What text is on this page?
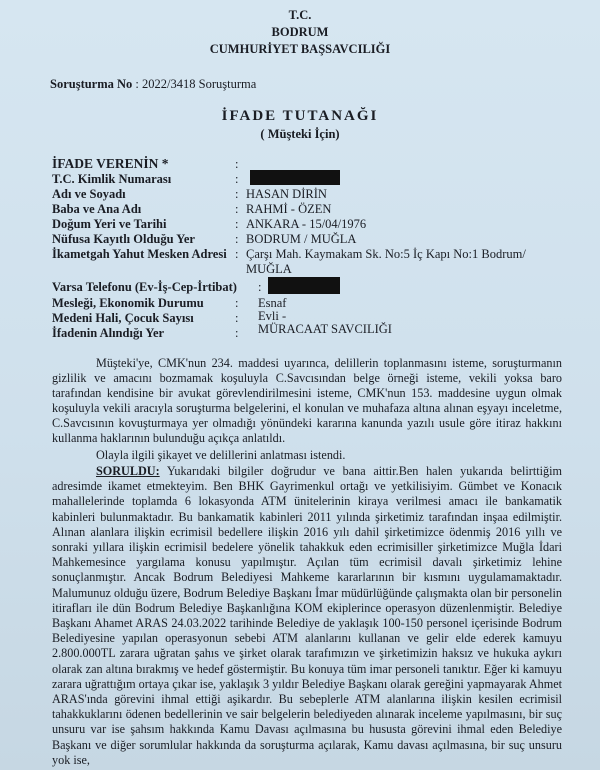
T.C.
BODRUM
CUMHURİYET BAŞSAVCILIĞI
Soruşturma No : 2022/3418 Soruşturma
İFADE TUTANAĞI
( Müşteki İçin)
İFADE VERENİN *	:
T.C. Kimlik Numarası	:
Adı ve Soyadı	: HASAN DİRİN
Baba ve Ana Adı	: RAHMİ - ÖZEN
Doğum Yeri ve Tarihi	: ANKARA - 15/04/1976
Nüfusa Kayıtlı Olduğu Yer	: BODRUM / MUĞLA
İkametgah Yahut Mesken Adresi : Çarşı Mah. Kaymakam Sk. No:5 İç Kapı No:1 Bodrum/
MUĞLA
Varsa Telefonu (Ev-İş-Cep-İrtibat) :
Mesleği, Ekonomik Durumu : Esnaf
Medeni Hali, Çocuk Sayısı	: Evli -
İfadenin Alındığı Yer	: MÜRACAAT SAVCILIĞI

Müşteki'ye, CMK'nun 234. maddesi uyarınca, delillerin toplanmasını isteme, soruşturmanın gizlilik ve amacını bozmamak koşuluyla C.Savcısından belge örneği isteme, vekili yoksa baro tarafından kendisine bir avukat görevlendirilmesini isteme, CMK'nun 153. maddesine uygun olmak koşuluyla vekili aracıyla soruşturma belgelerini, el konulan ve muhafaza altına alınan eşyayı inceletme, C.Savcısının kovuşturmaya yer olmadığı yönündeki kararına kanunda yazılı usule göre itiraz hakkını kullanma haklarının bulunduğu açıkça anlatıldı.

Olayla ilgili şikayet ve delillerini anlatması istendi.

SORULDU: Yukarıdaki bilgiler doğrudur ve bana aittir.Ben halen yukarıda belirttiğim adresimde ikamet etmekteyim. Ben BHK Gayrimenkul ortağı ve yetkilisiyim. Gümbet ve Konacık mahallelerinde toplamda 6 lokasyonda ATM ünitelerinin kiraya verilmesi amacı ile bankamatik kabinleri bulunmaktadır. Bu bankamatik kabinleri 2011 yılında şirketimiz tarafından inşaa edilmiştir. Alınan alanlara ilişkin ecrimisil bedellere ilişkin 2016 yılı dahil şirketimizce ödenmiş 2016 yıllı ve sonraki yıllara ilişkin ecrimisil bedelere yönelik tahakkuk eden ecrimisiller şirketimizce Muğla İdari Mahkemesince yargılama konusu yapılmıştır. Açılan tüm ecrimisil davalı şirketimiz lehine sonuçlanmıştır. Ancak Bodrum Belediyesi Mahkeme kararlarının bir kısmını uygulamamaktadır. Malumunuz olduğu üzere, Bodrum Belediye Başkanı İmar müdürlüğünde çalışmakta olan bir personelin itirafları ile dün Bodrum Belediye Başkanlığına KOM ekiplerince operasyon düzenlenmiştir. Belediye Başkanı Ahamet ARAS 24.03.2022 tarihinde Belediye de yaklaşık 100-150 personel içerisinde Bodrum Belediyesine yapılan operasyonun sebebi ATM alanlarını kullanan ve gelir elde ederek kamuyu 2.800.000TL zarara uğratan şahıs ve şirket olarak tarafımızın ve şirketimizin haksız ve hukuka aykırı olarak zan altına bırakmış ve hedef göstermiştir. Bu konuya tüm imar personeli tanıktır. Eğer ki kamuyu zarara uğrattığım ortaya çıkar ise, yaklaşık 3 yıldır Belediye Başkanı olarak gereğini yapmayarak Ahmet ARAS'ında görevini ihmal ettiği aşikardır. Bu sebeplerle ATM alanlarına ilişkin kesilen ecrimisil tahakkuklarını ödenen bedellerinin ve sair belgelerin belediyeden alınarak inceleme yapılmasını, bir suç unsuru var ise şahsım hakkında Kamu Davası açılmasına bu hususta görevini ihmal eden Belediye Başkanı ve diğer sorumlular hakkında da soruşturma açılarak, Kamu davası açılmasına, bir suç unsuru yok ise,
